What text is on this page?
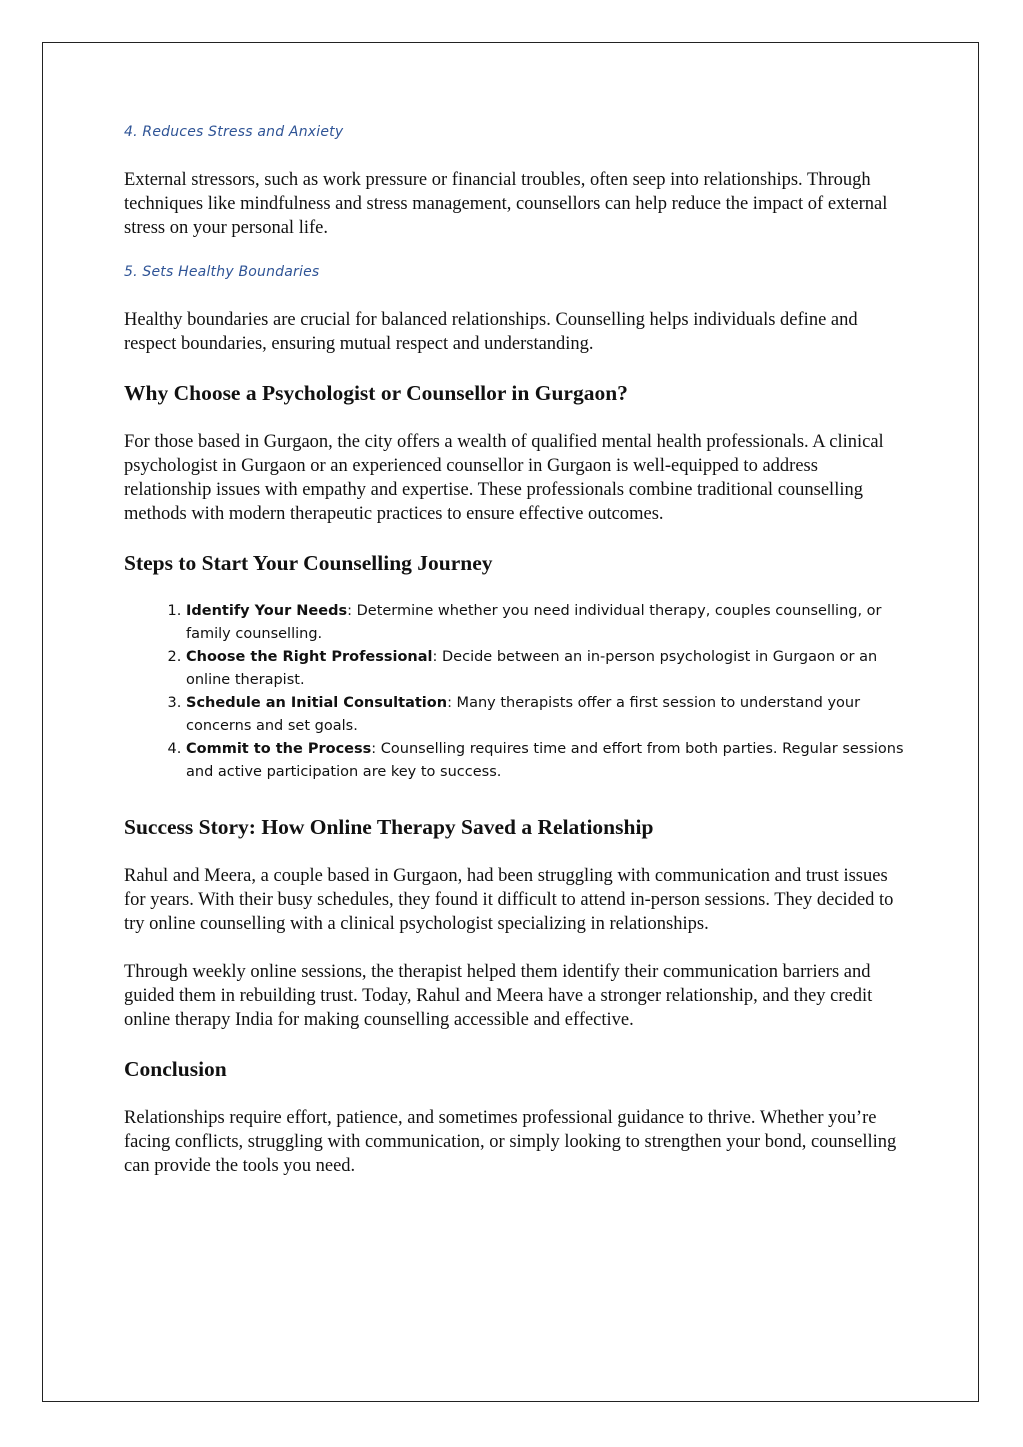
4. Reduces Stress and Anxiety

External stressors, such as work pressure or financial troubles, often seep into relationships. Through techniques like mindfulness and stress management, counsellors can help reduce the impact of external stress on your personal life.

5. Sets Healthy Boundaries

Healthy boundaries are crucial for balanced relationships. Counselling helps individuals define and respect boundaries, ensuring mutual respect and understanding.

Why Choose a Psychologist or Counsellor in Gurgaon?

For those based in Gurgaon, the city offers a wealth of qualified mental health professionals. A clinical psychologist in Gurgaon or an experienced counsellor in Gurgaon is well-equipped to address relationship issues with empathy and expertise. These professionals combine traditional counselling methods with modern therapeutic practices to ensure effective outcomes.

Steps to Start Your Counselling Journey
1. Identify Your Needs: Determine whether you need individual therapy, couples counselling, or family counselling.
2. Choose the Right Professional: Decide between an in-person psychologist in Gurgaon or an online therapist.
3. Schedule an Initial Consultation: Many therapists offer a first session to understand your concerns and set goals.
4. Commit to the Process: Counselling requires time and effort from both parties. Regular sessions and active participation are key to success.
Success Story: How Online Therapy Saved a Relationship

Rahul and Meera, a couple based in Gurgaon, had been struggling with communication and trust issues for years. With their busy schedules, they found it difficult to attend in-person sessions. They decided to try online counselling with a clinical psychologist specializing in relationships.

Through weekly online sessions, the therapist helped them identify their communication barriers and guided them in rebuilding trust. Today, Rahul and Meera have a stronger relationship, and they credit online therapy India for making counselling accessible and effective.

Conclusion

Relationships require effort, patience, and sometimes professional guidance to thrive. Whether you’re facing conflicts, struggling with communication, or simply looking to strengthen your bond, counselling can provide the tools you need.
